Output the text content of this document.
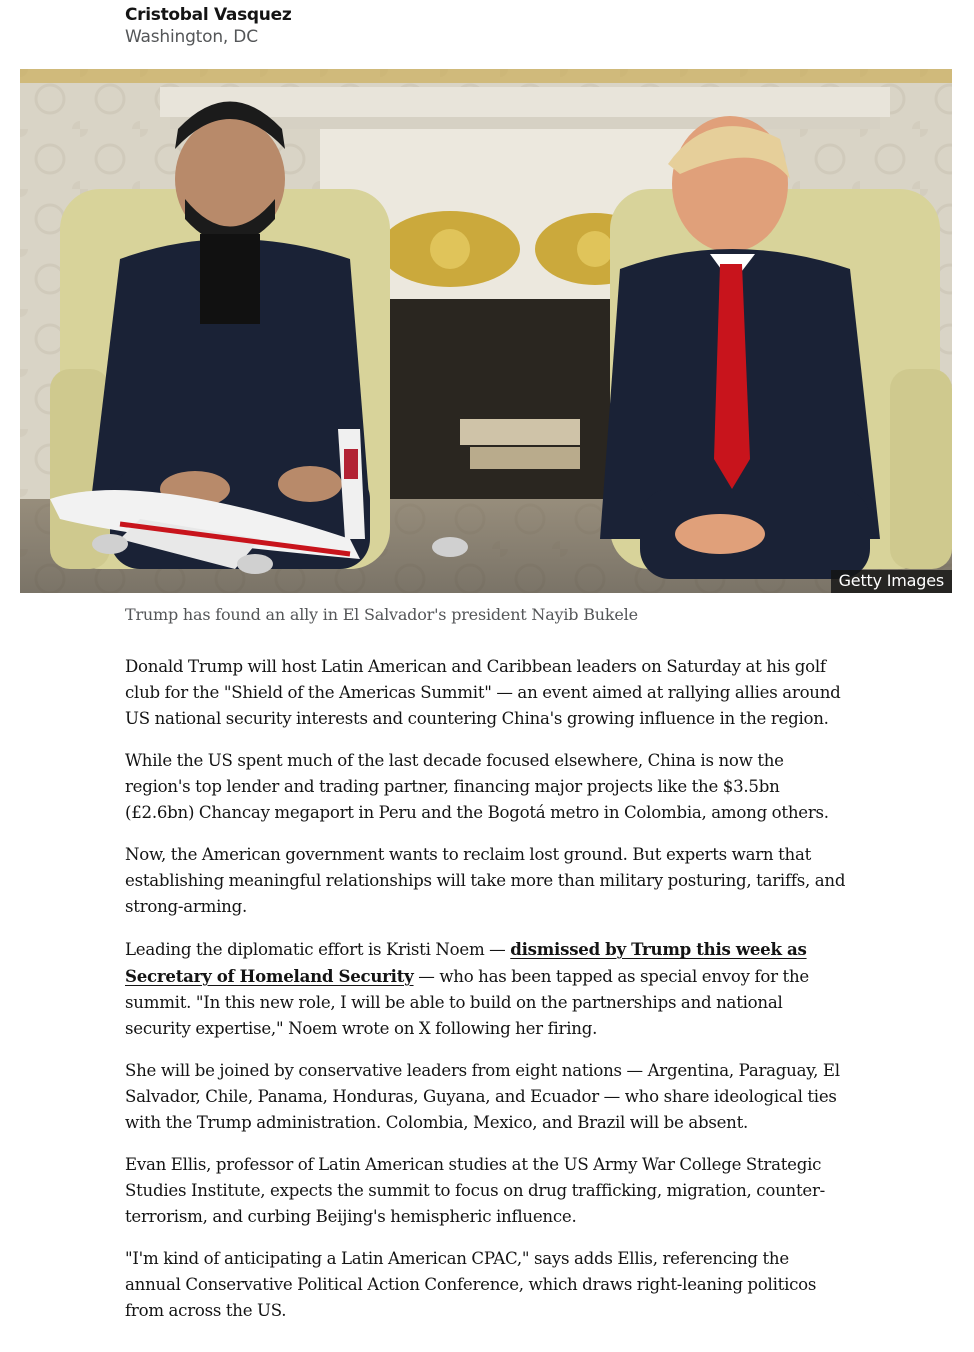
Cristobal Vasquez
Washington, DC
Getty Images
Trump has found an ally in El Salvador's president Nayib Bukele

Donald Trump will host Latin American and Caribbean leaders on Saturday at his golf club for the "Shield of the Americas Summit" — an event aimed at rallying allies around US national security interests and countering China's growing influence in the region.

While the US spent much of the last decade focused elsewhere, China is now the region's top lender and trading partner, financing major projects like the $3.5bn (£2.6bn) Chancay megaport in Peru and the Bogotá metro in Colombia, among others.

Now, the American government wants to reclaim lost ground. But experts warn that establishing meaningful relationships will take more than military posturing, tariffs, and strong-arming.

Leading the diplomatic effort is Kristi Noem — dismissed by Trump this week as Secretary of Homeland Security — who has been tapped as special envoy for the summit. "In this new role, I will be able to build on the partnerships and national security expertise," Noem wrote on X following her firing.

She will be joined by conservative leaders from eight nations — Argentina, Paraguay, El Salvador, Chile, Panama, Honduras, Guyana, and Ecuador — who share ideological ties with the Trump administration. Colombia, Mexico, and Brazil will be absent.

Evan Ellis, professor of Latin American studies at the US Army War College Strategic Studies Institute, expects the summit to focus on drug trafficking, migration, counter-terrorism, and curbing Beijing's hemispheric influence.

"I'm kind of anticipating a Latin American CPAC," says adds Ellis, referencing the annual Conservative Political Action Conference, which draws right-leaning politicos from across the US.
